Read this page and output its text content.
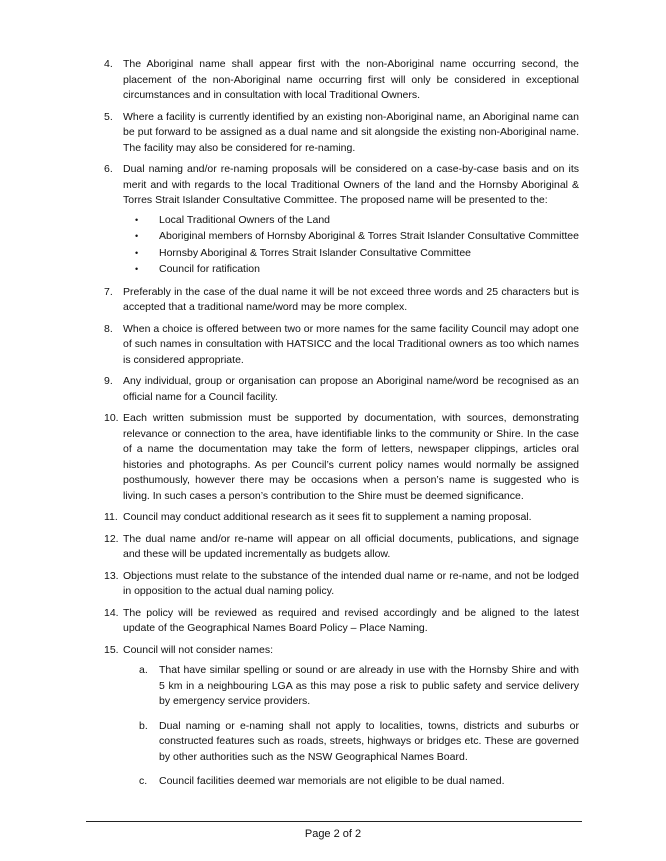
4. The Aboriginal name shall appear first with the non-Aboriginal name occurring second, the placement of the non-Aboriginal name occurring first will only be considered in exceptional circumstances and in consultation with local Traditional Owners.
5. Where a facility is currently identified by an existing non-Aboriginal name, an Aboriginal name can be put forward to be assigned as a dual name and sit alongside the existing non-Aboriginal name. The facility may also be considered for re-naming.
6. Dual naming and/or re-naming proposals will be considered on a case-by-case basis and on its merit and with regards to the local Traditional Owners of the land and the Hornsby Aboriginal & Torres Strait Islander Consultative Committee. The proposed name will be presented to the:
•	Local Traditional Owners of the Land
•	Aboriginal members of Hornsby Aboriginal & Torres Strait Islander Consultative Committee
•	Hornsby Aboriginal & Torres Strait Islander Consultative Committee
•	Council for ratification
7. Preferably in the case of the dual name it will be not exceed three words and 25 characters but is accepted that a traditional name/word may be more complex.
8. When a choice is offered between two or more names for the same facility Council may adopt one of such names in consultation with HATSICC and the local Traditional owners as too which names is considered appropriate.
9. Any individual, group or organisation can propose an Aboriginal name/word be recognised as an official name for a Council facility.
10. Each written submission must be supported by documentation, with sources, demonstrating relevance or connection to the area, have identifiable links to the community or Shire. In the case of a name the documentation may take the form of letters, newspaper clippings, articles oral histories and photographs. As per Council’s current policy names would normally be assigned posthumously, however there may be occasions when a person’s name is suggested who is living. In such cases a person’s contribution to the Shire must be deemed significance.
11. Council may conduct additional research as it sees fit to supplement a naming proposal.
12. The dual name and/or re-name will appear on all official documents, publications, and signage and these will be updated incrementally as budgets allow.
13. Objections must relate to the substance of the intended dual name or re-name, and not be lodged in opposition to the actual dual naming policy.
14. The policy will be reviewed as required and revised accordingly and be aligned to the latest update of the Geographical Names Board Policy – Place Naming.
15. Council will not consider names:
a.	That have similar spelling or sound or are already in use with the Hornsby Shire and with 5 km in a neighbouring LGA as this may pose a risk to public safety and service delivery by emergency service providers.
b.	Dual naming or e-naming shall not apply to localities, towns, districts and suburbs or constructed features such as roads, streets, highways or bridges etc. These are governed by other authorities such as the NSW Geographical Names Board.
c.	Council facilities deemed war memorials are not eligible to be dual named.
Page 2 of 2
